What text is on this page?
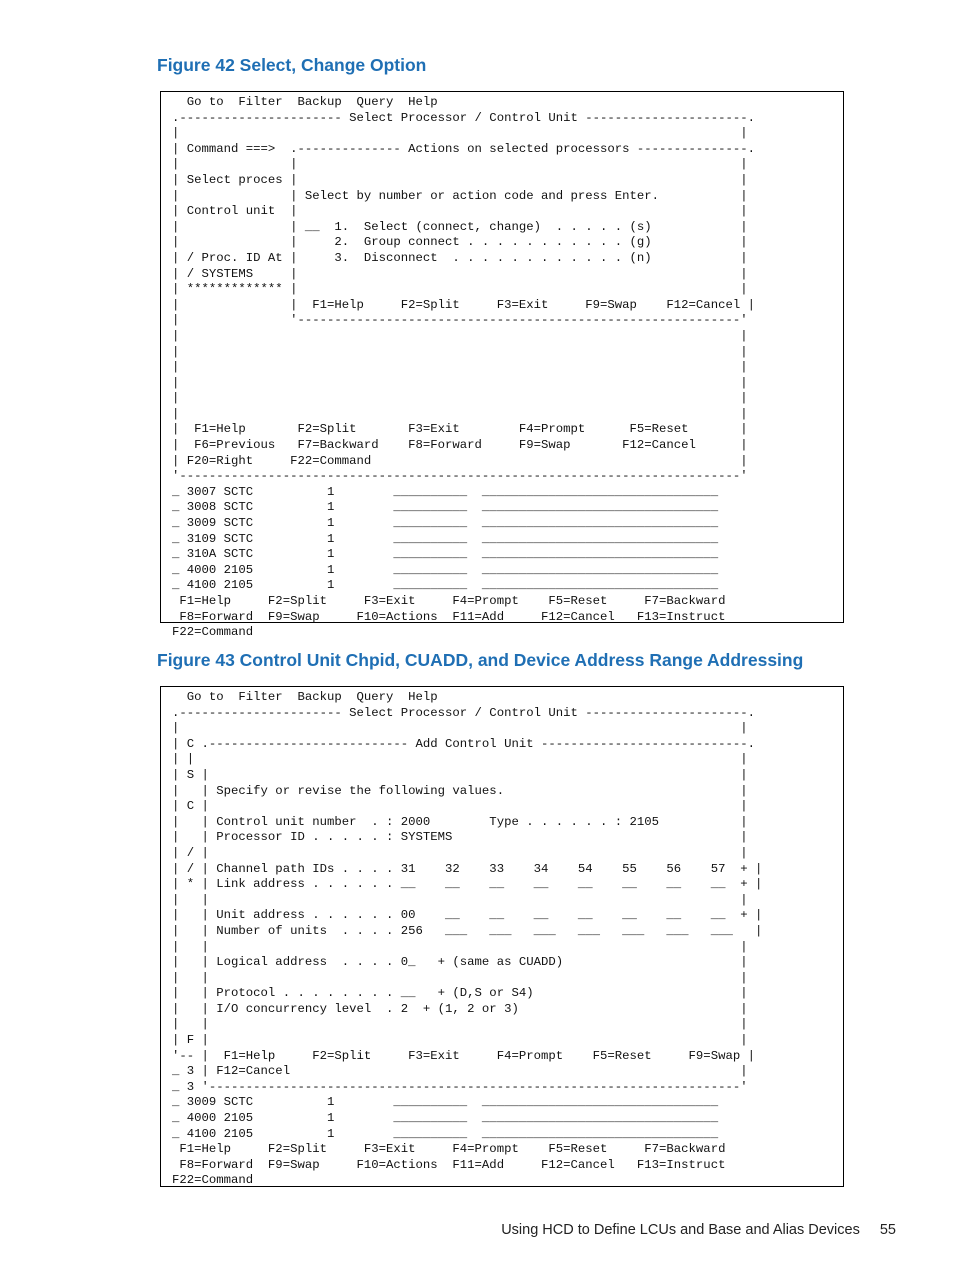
Figure 42 Select, Change Option
Go to  Filter  Backup  Query  Help
.---------------------- Select Processor / Control Unit ----------------------.
|                                                                            |
| Command ===>  .-------------- Actions on selected processors ---------------.
|               |                                                            |
| Select proces |                                                            |
|               | Select by number or action code and press Enter.           |
| Control unit  |                                                            |
|               | __  1.  Select (connect, change)  . . . . . (s)            |
|               |     2.  Group connect . . . . . . . . . . . (g)            |
| / Proc. ID At |     3.  Disconnect  . . . . . . . . . . . . (n)            |
| / SYSTEMS     |                                                            |
| ************* |                                                            |
|               |  F1=Help     F2=Split     F3=Exit     F9=Swap    F12=Cancel |
|               '------------------------------------------------------------'
|                                                                            |
|                                                                            |
|                                                                            |
|                                                                            |
|                                                                            |
|                                                                            |
|  F1=Help       F2=Split       F3=Exit        F4=Prompt      F5=Reset       |
|  F6=Previous   F7=Backward    F8=Forward     F9=Swap       F12=Cancel      |
| F20=Right     F22=Command                                                  |
'----------------------------------------------------------------------------'
_ 3007 SCTC          1        __________  ________________________________
_ 3008 SCTC          1        __________  ________________________________
_ 3009 SCTC          1        __________  ________________________________
_ 3109 SCTC          1        __________  ________________________________
_ 310A SCTC          1        __________  ________________________________
_ 4000 2105          1        __________  ________________________________
_ 4100 2105          1        __________  ________________________________
F1=Help     F2=Split     F3=Exit     F4=Prompt    F5=Reset     F7=Backward
F8=Forward  F9=Swap     F10=Actions  F11=Add     F12=Cancel   F13=Instruct
F22=Command
Figure 43 Control Unit Chpid, CUADD, and Device Address Range Addressing
Go to  Filter  Backup  Query  Help
.---------------------- Select Processor / Control Unit ----------------------.
|                                                                            |
| C .--------------------------- Add Control Unit ----------------------------.
| |                                                                          |
| S |                                                                        |
|   | Specify or revise the following values.                                |
| C |                                                                        |
|   | Control unit number  . : 2000        Type . . . . . . : 2105           |
|   | Processor ID . . . . . : SYSTEMS                                       |
| / |                                                                        |
| / | Channel path IDs . . . . 31    32    33    34    54    55    56    57  + |
| * | Link address . . . . . . __    __    __    __    __    __    __    __  + |
|   |                                                                        |
|   | Unit address . . . . . . 00    __    __    __    __    __    __    __  + |
|   | Number of units  . . . . 256   ___   ___   ___   ___   ___   ___   ___   |
|   |                                                                        |
|   | Logical address  . . . . 0_   + (same as CUADD)                        |
|   |                                                                        |
|   | Protocol . . . . . . . . __   + (D,S or S4)                            |
|   | I/O concurrency level  . 2  + (1, 2 or 3)                              |
|   |                                                                        |
| F |                                                                        |
'-- |  F1=Help     F2=Split     F3=Exit     F4=Prompt    F5=Reset     F9=Swap |
_ 3 | F12=Cancel                                                             |
_ 3 '------------------------------------------------------------------------'
_ 3009 SCTC          1        __________  ________________________________
_ 4000 2105          1        __________  ________________________________
_ 4100 2105          1        __________  ________________________________
F1=Help     F2=Split     F3=Exit     F4=Prompt    F5=Reset     F7=Backward
F8=Forward  F9=Swap     F10=Actions  F11=Add     F12=Cancel   F13=Instruct
F22=Command
Using HCD to Define LCUs and Base and Alias Devices 55
